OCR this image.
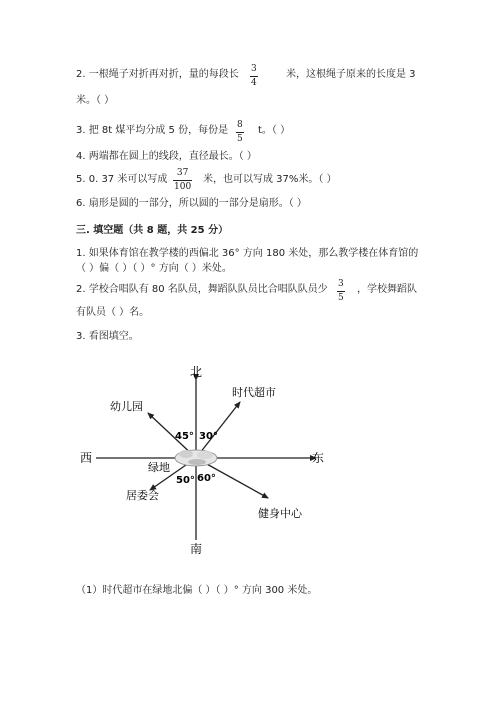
2. 一根绳子对折再对折，量的每段长 3
4
米，这根绳子原来的长度是 3
米。（ ）
3. 把 8t 煤平均分成 5 份，每份是 8
5
t。（ ）
4. 两端都在圆上的线段，直径最长。（ ）
5. 0. 37 米可以写成
37
100
米，也可以写成 37%米。（ ）
6. 扇形是圆的一部分，所以圆的一部分是扇形。（ ）
三. 填空题（共 8 题，共 25 分）
1. 如果体育馆在教学楼的西偏北 36° 方向 180 米处，那么教学楼在体育馆的
（ ）偏（ ）（ ）° 方向（ ）米处。
2. 学校合唱队有 80 名队员，舞蹈队队员比合唱队队员少 3
5
，学校舞蹈队
有队员（ ）名。
3. 看图填空。
北
南
西	东
幼儿园
时代超市
居委会
健身中心
绿地
45° 30°
50° 60°
（1）时代超市在绿地北偏（ ）（ ）° 方向 300 米处。
